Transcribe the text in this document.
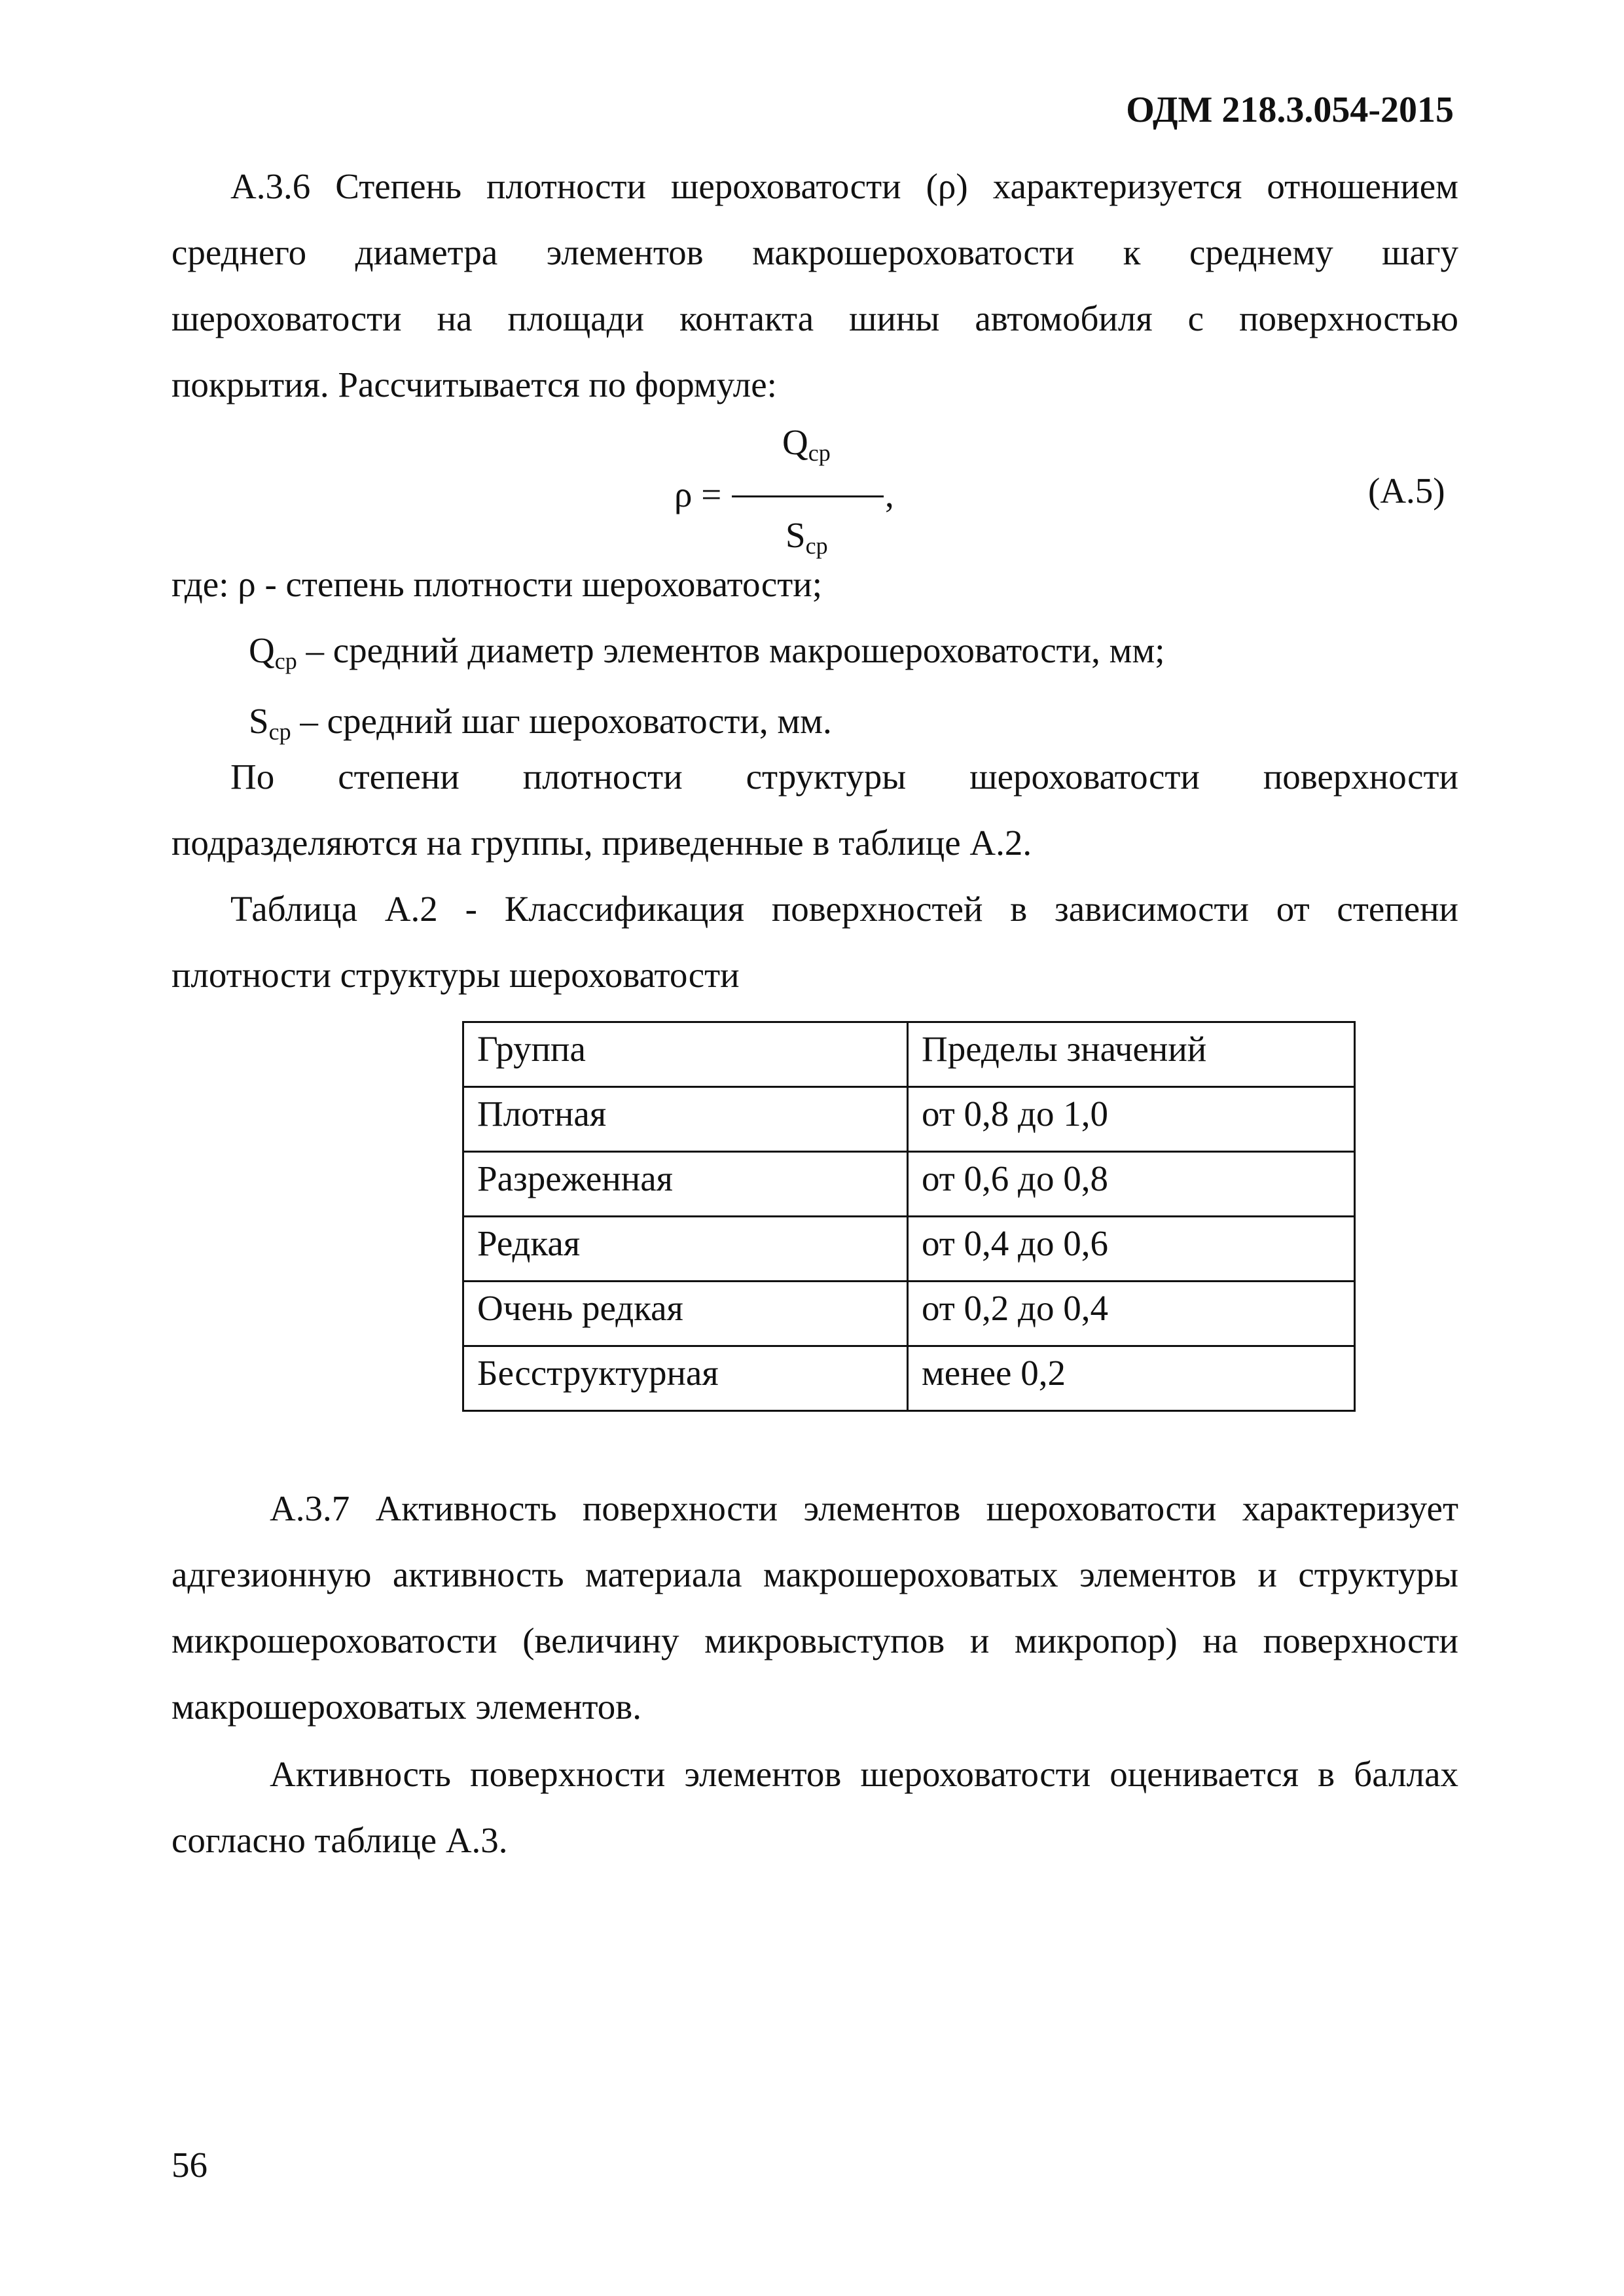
ОДМ 218.3.054-2015
А.3.6 Степень плотности шероховатости (ρ) характеризуется отношением
среднего диаметра элементов макрошероховатости к среднему шагу
шероховатости на площади контакта шины автомобиля с поверхностью
покрытия. Рассчитывается по формуле:
Qср
ρ =	,
Sср
(А.5)
где: ρ - степень плотности шероховатости;
Qср – средний диаметр элементов макрошероховатости, мм;
Sср – средний шаг шероховатости, мм.
По степени плотности структуры шероховатости поверхности
подразделяются на группы, приведенные в таблице А.2.
Таблица А.2 - Классификация поверхностей в зависимости от степени
плотности структуры шероховатости
Группа	Пределы значений
Плотная	от 0,8 до 1,0
Разреженная	от 0,6 до 0,8
Редкая	от 0,4 до 0,6
Очень редкая	от 0,2 до 0,4
Бесструктурная	менее 0,2
А.3.7 Активность поверхности элементов шероховатости характеризует
адгезионную активность материала макрошероховатых элементов и структуры
микрошероховатости (величину микровыступов и микропор) на поверхности
макрошероховатых элементов.
Активность поверхности элементов шероховатости оценивается в баллах
согласно таблице А.3.
56
